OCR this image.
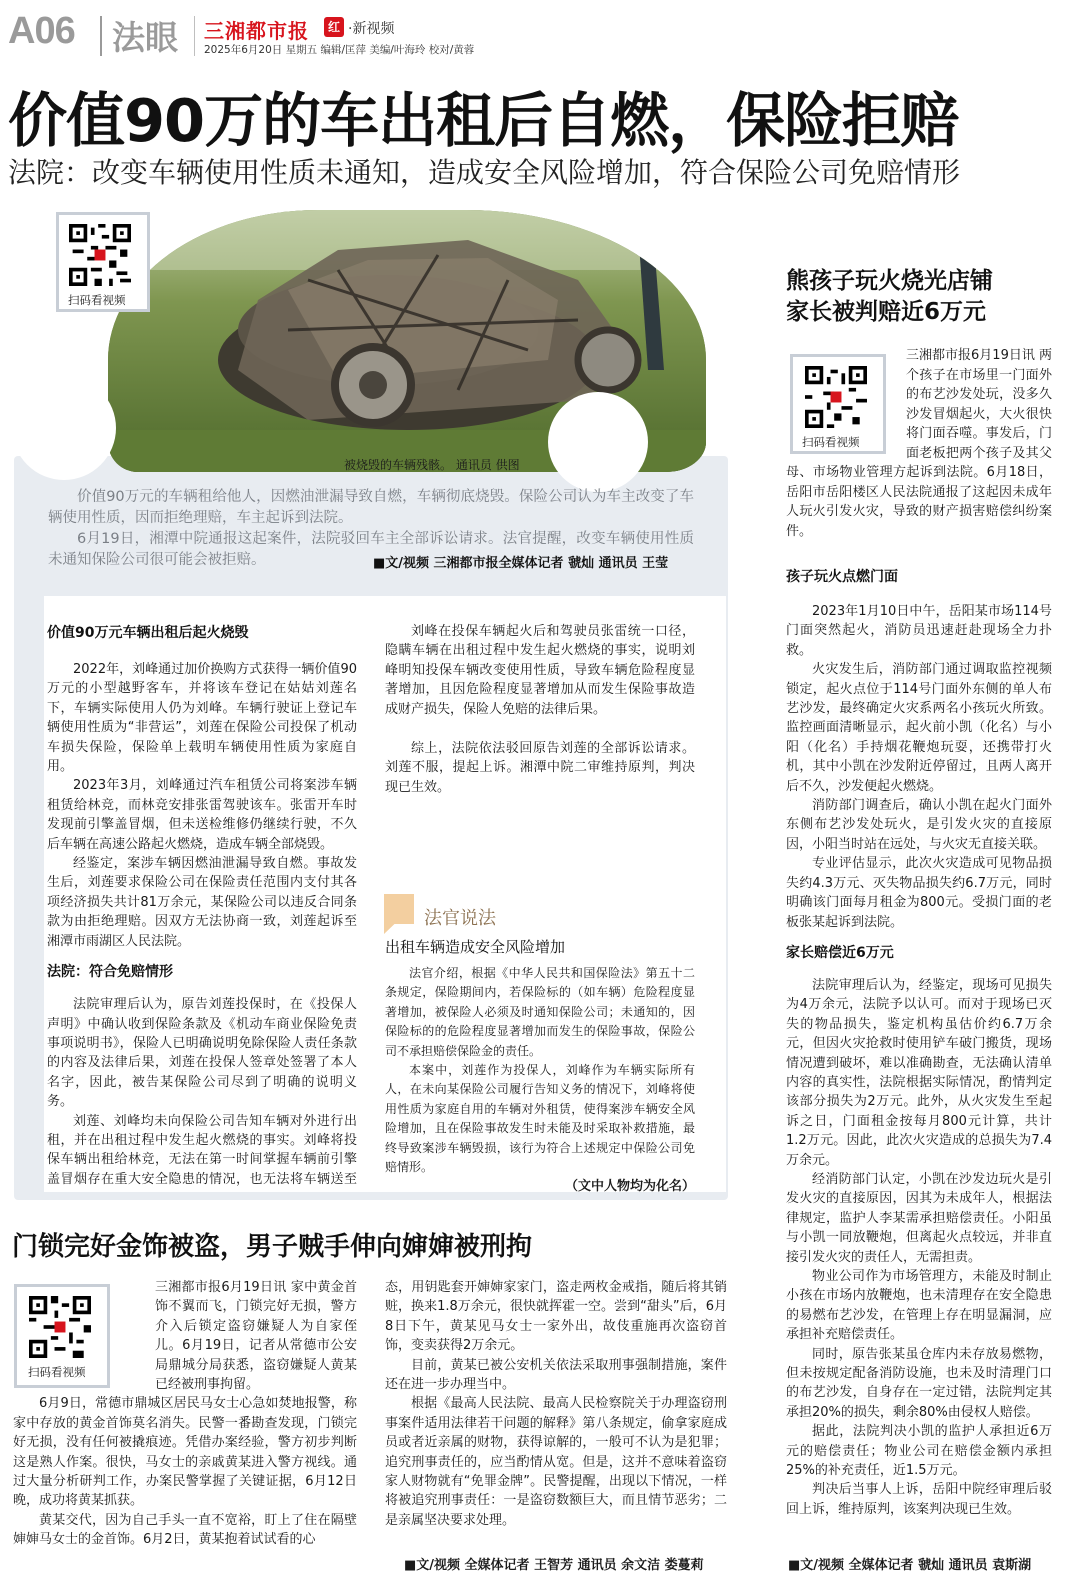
A06 法眼 三湘都市报	红 ·新视频
2025年6月20日 星期五 编辑/匡萍 美编/叶海玲 校对/黄蓉
价值90万的车出租后自燃，保险拒赔
法院：改变车辆使用性质未通知，造成安全风险增加，符合保险公司免赔情形
被烧毁的车辆残骸。 通讯员 供图
扫码看视频

价值90万元的车辆租给他人，因燃油泄漏导致自燃，车辆彻底烧毁。保险公司认为车主改变了车辆使用性质，因而拒绝理赔，车主起诉到法院。

6月19日，湘潭中院通报这起案件，法院驳回车主全部诉讼请求。法官提醒，改变车辆使用性质未通知保险公司很可能会被拒赔。	■文/视频 三湘都市报全媒体记者 虢灿 通讯员 王莹
价值90万元车辆出租后起火烧毁

2022年，刘峰通过加价换购方式获得一辆价值90万元的小型越野客车，并将该车登记在姑姑刘莲名下，车辆实际使用人仍为刘峰。车辆行驶证上登记车辆使用性质为“非营运”，刘莲在保险公司投保了机动车损失保险，保险单上载明车辆使用性质为家庭自用。

2023年3月，刘峰通过汽车租赁公司将案涉车辆租赁给林竞，而林竞安排张雷驾驶该车。张雷开车时发现前引擎盖冒烟，但未送检维修仍继续行驶，不久后车辆在高速公路起火燃烧，造成车辆全部烧毁。

经鉴定，案涉车辆因燃油泄漏导致自燃。事故发生后，刘莲要求保险公司在保险责任范围内支付其各项经济损失共计81万余元，某保险公司以违反合同条款为由拒绝理赔。因双方无法协商一致，刘莲起诉至湘潭市雨湖区人民法院。

法院：符合免赔情形

法院审理后认为，原告刘莲投保时，在《投保人声明》中确认收到保险条款及《机动车商业保险免责事项说明书》，保险人已明确说明免除保险人责任条款的内容及法律后果，刘莲在投保人签章处签署了本人名字，因此，被告某保险公司尽到了明确的说明义务。

刘莲、刘峰均未向保险公司告知车辆对外进行出租，并在出租过程中发生起火燃烧的事实。刘峰将投保车辆出租给林竞，无法在第一时间掌握车辆前引擎盖冒烟存在重大安全隐患的情况，也无法将车辆送至

刘峰在投保车辆起火后和驾驶员张雷统一口径，隐瞒车辆在出租过程中发生起火燃烧的事实，说明刘峰明知投保车辆改变使用性质，导致车辆危险程度显著增加，且因危险程度显著增加从而发生保险事故造成财产损失，保险人免赔的法律后果。

综上，法院依法驳回原告刘莲的全部诉讼请求。刘莲不服，提起上诉。湘潭中院二审维持原判，判决现已生效。

法官说法
出租车辆造成安全风险增加

法官介绍，根据《中华人民共和国保险法》第五十二条规定，保险期间内，若保险标的（如车辆）危险程度显著增加，被保险人必须及时通知保险公司；未通知的，因保险标的的危险程度显著增加而发生的保险事故，保险公司不承担赔偿保险金的责任。

本案中，刘莲作为投保人，刘峰作为车辆实际所有人，在未向某保险公司履行告知义务的情况下，刘峰将使用性质为家庭自用的车辆对外租赁，使得案涉车辆安全风险增加，且在保险事故发生时未能及时采取补救措施，最终导致案涉车辆毁损，该行为符合上述规定中保险公司免赔情形。

（文中人物均为化名）
熊孩子玩火烧光店铺
家长被判赔近6万元
扫码看视频
三湘都市报6月19日讯 两个孩子在市场里一门面外的布艺沙发处玩，没多久沙发冒烟起火，大火很快将门面吞噬。事发后，门面老板把两个孩子及其父母、市场物业管理方起诉到法院。6月18日，岳阳市岳阳楼区人民法院通报了这起因未成年人玩火引发火灾，导致的财产损害赔偿纠纷案件。
孩子玩火点燃门面

2023年1月10日中午，岳阳某市场114号门面突然起火，消防员迅速赶赴现场全力扑救。

火灾发生后，消防部门通过调取监控视频锁定，起火点位于114号门面外东侧的单人布艺沙发，最终确定火灾系两名小孩玩火所致。监控画面清晰显示，起火前小凯（化名）与小阳（化名）手持烟花鞭炮玩耍，还携带打火机，其中小凯在沙发附近停留过，且两人离开后不久，沙发便起火燃烧。

消防部门调查后，确认小凯在起火门面外东侧布艺沙发处玩火，是引发火灾的直接原因，小阳当时站在远处，与火灾无直接关联。

专业评估显示，此次火灾造成可见物品损失约4.3万元、灭失物品损失约6.7万元，同时明确该门面每月租金为800元。受损门面的老板张某起诉到法院。

家长赔偿近6万元

法院审理后认为，经鉴定，现场可见损失为4万余元，法院予以认可。而对于现场已灭失的物品损失，鉴定机构虽估价约6.7万余元，但因火灾抢救时使用铲车破门搬货，现场情况遭到破坏，难以准确勘查，无法确认清单内容的真实性，法院根据实际情况，酌情判定该部分损失为2万元。此外，从火灾发生至起诉之日，门面租金按每月800元计算，共计1.2万元。因此，此次火灾造成的总损失为7.4万余元。

经消防部门认定，小凯在沙发边玩火是引发火灾的直接原因，因其为未成年人，根据法律规定，监护人李某需承担赔偿责任。小阳虽与小凯一同放鞭炮，但离起火点较远，并非直接引发火灾的责任人，无需担责。

物业公司作为市场管理方，未能及时制止小孩在市场内放鞭炮，也未清理存在安全隐患的易燃布艺沙发，在管理上存在明显漏洞，应承担补充赔偿责任。

同时，原告张某虽仓库内未存放易燃物，但未按规定配备消防设施，也未及时清理门口的布艺沙发，自身存在一定过错，法院判定其承担20%的损失，剩余80%由侵权人赔偿。

据此，法院判决小凯的监护人承担近6万元的赔偿责任；物业公司在赔偿金额内承担25%的补充责任，近1.5万元。

判决后当事人上诉，岳阳中院经审理后驳回上诉，维持原判，该案判决现已生效。

■文/视频 全媒体记者 虢灿 通讯员 袁斯湖
门锁完好金饰被盗，男子贼手伸向婶婶被刑拘
扫码看视频

三湘都市报6月19日讯 家中黄金首饰不翼而飞，门锁完好无损，警方介入后锁定盗窃嫌疑人为自家侄儿。6月19日，记者从常德市公安局鼎城分局获悉，盗窃嫌疑人黄某已经被刑事拘留。

6月9日，常德市鼎城区居民马女士心急如焚地报警，称家中存放的黄金首饰莫名消失。民警一番勘查发现，门锁完好无损，没有任何被撬痕迹。凭借办案经验，警方初步判断这是熟人作案。很快，马女士的亲戚黄某进入警方视线。通过大量分析研判工作，办案民警掌握了关键证据，6月12日晚，成功将黄某抓获。

黄某交代，因为自己手头一直不宽裕，盯上了住在隔壁婶婶马女士的金首饰。6月2日，黄某抱着试试看的心

态，用钥匙套开婶婶家家门，盗走两枚金戒指，随后将其销赃，换来1.8万余元，很快就挥霍一空。尝到“甜头”后，6月8日下午，黄某见马女士一家外出，故伎重施再次盗窃首饰，变卖获得2万余元。

目前，黄某已被公安机关依法采取刑事强制措施，案件还在进一步办理当中。

根据《最高人民法院、最高人民检察院关于办理盗窃刑事案件适用法律若干问题的解释》第八条规定，偷拿家庭成员或者近亲属的财物，获得谅解的，一般可不认为是犯罪；追究刑事责任的，应当酌情从宽。但是，这并不意味着盗窃家人财物就有“免罪金牌”。民警提醒，出现以下情况，一样将被追究刑事责任：一是盗窃数额巨大，而且情节恶劣；二是亲属坚决要求处理。

■文/视频 全媒体记者 王智芳 通讯员 余文洁 娄蔓莉
